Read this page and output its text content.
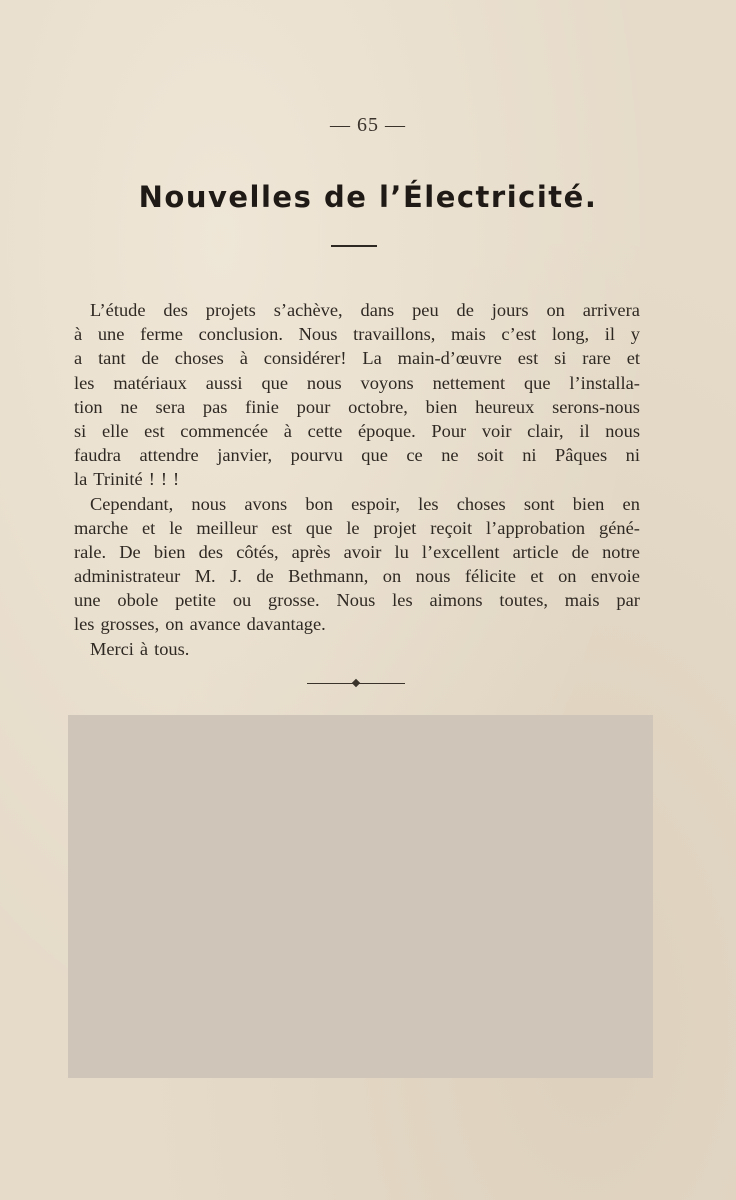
— 65 —
Nouvelles de l’Électricité.
L’étude des projets s’achève, dans peu de jours on arrivera
à une ferme conclusion. Nous travaillons, mais c’est long, il y
a tant de choses à considérer! La main-d’œuvre est si rare et
les matériaux aussi que nous voyons nettement que l’installa-
tion ne sera pas finie pour octobre, bien heureux serons-nous
si elle est commencée à cette époque. Pour voir clair, il nous
faudra attendre janvier, pourvu que ce ne soit ni Pâques ni
la Trinité ! ! !
Cependant, nous avons bon espoir, les choses sont bien en
marche et le meilleur est que le projet reçoit l’approbation géné-
rale. De bien des côtés, après avoir lu l’excellent article de notre
administrateur M. J. de Bethmann, on nous félicite et on envoie
une obole petite ou grosse. Nous les aimons toutes, mais par
les grosses, on avance davantage.
Merci à tous.
